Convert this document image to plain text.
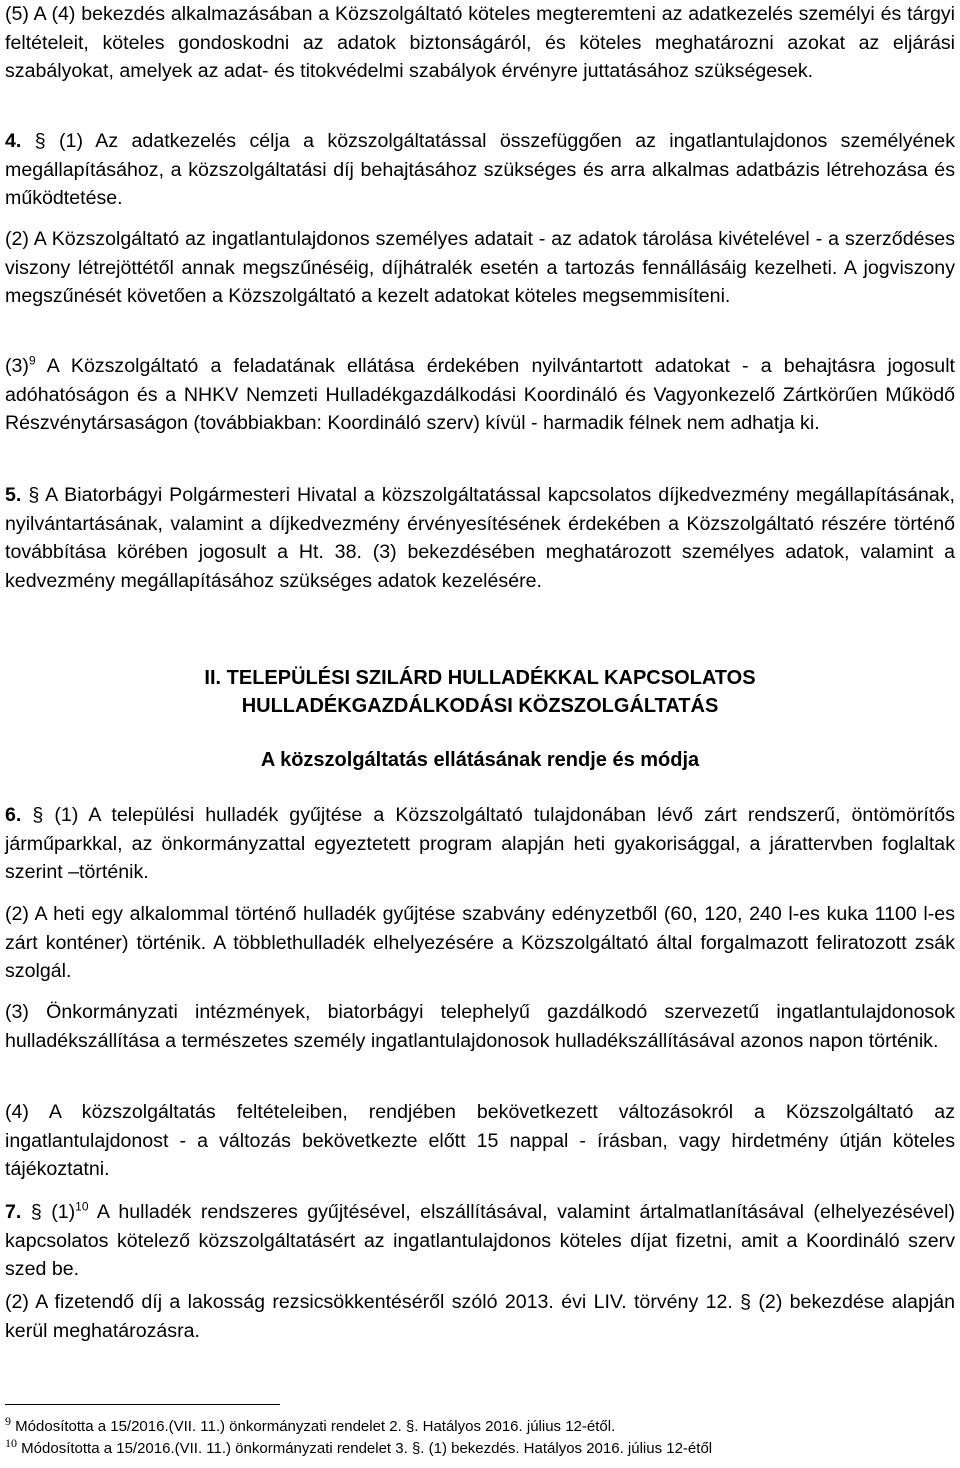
(5) A (4) bekezdés alkalmazásában a Közszolgáltató köteles megteremteni az adatkezelés személyi és tárgyi feltételeit, köteles gondoskodni az adatok biztonságáról, és köteles meghatározni azokat az eljárási szabályokat, amelyek az adat- és titokvédelmi szabályok érvényre juttatásához szükségesek.

4. § (1) Az adatkezelés célja a közszolgáltatással összefüggően az ingatlantulajdonos személyének megállapításához, a közszolgáltatási díj behajtásához szükséges és arra alkalmas adatbázis létrehozása és működtetése.

(2) A Közszolgáltató az ingatlantulajdonos személyes adatait - az adatok tárolása kivételével - a szerződéses viszony létrejöttétől annak megszűnéséig, díjhátralék esetén a tartozás fennállásáig kezelheti. A jogviszony megszűnését követően a Közszolgáltató a kezelt adatokat köteles megsemmisíteni.

$(3)^9$ A Közszolgáltató a feladatának ellátása érdekében nyilvántartott adatokat - a behajtásra jogosult adóhatóságon és a NHKV Nemzeti Hulladékgazdálkodási Koordináló és Vagyonkezelő Zártkörűen Működő Részvénytársaságon (továbbiakban: Koordináló szerv) kívül - harmadik félnek nem adhatja ki.

5. § A Biatorbágyi Polgármesteri Hivatal a közszolgáltatással kapcsolatos díjkedvezmény megállapításának, nyilvántartásának, valamint a díjkedvezmény érvényesítésének érdekében a Közszolgáltató részére történő továbbítása körében jogosult a Ht. 38. (3) bekezdésében meghatározott személyes adatok, valamint a kedvezmény megállapításához szükséges adatok kezelésére.

II. TELEPÜLÉSI SZILÁRD HULLADÉKKAL KAPCSOLATOS

HULLADÉKGAZDÁLKODÁSI KÖZSZOLGÁLTATÁS

A közszolgáltatás ellátásának rendje és módja

6. § (1) A települési hulladék gyűjtése a Közszolgáltató tulajdonában lévő zárt rendszerű, öntömörítős járműparkkal, az önkormányzattal egyeztetett program alapján heti gyakorisággal, a járattervben foglaltak szerint –történik.

(2) A heti egy alkalommal történő hulladék gyűjtése szabvány edényzetből (60, 120, 240 l-es kuka 1100 l-es zárt konténer) történik. A többlethulladék elhelyezésére a Közszolgáltató által forgalmazott feliratozott zsák szolgál.

(3) Önkormányzati intézmények, biatorbágyi telephelyű gazdálkodó szervezetű ingatlantulajdonosok hulladékszállítása a természetes személy ingatlantulajdonosok hulladékszállításával azonos napon történik.

(4) A közszolgáltatás feltételeiben, rendjében bekövetkezett változásokról a Közszolgáltató az ingatlantulajdonost - a változás bekövetkezte előtt 15 nappal - írásban, vagy hirdetmény útján köteles tájékoztatni.

7. § $(1)^{10}$ A hulladék rendszeres gyűjtésével, elszállításával, valamint ártalmatlanításával (elhelyezésével) kapcsolatos kötelező közszolgáltatásért az ingatlantulajdonos köteles díjat fizetni, amit a Koordináló szerv szed be.

(2) A fizetendő díj a lakosság rezsicsökkentéséről szóló 2013. évi LIV. törvény 12. § (2) bekezdése alapján kerül meghatározásra.

$^9$ Módosította a 15/2016.(VII. 11.) önkormányzati rendelet 2. §. Hatályos 2016. július 12-étől.
$^{10}$ Módosította a 15/2016.(VII. 11.) önkormányzati rendelet 3. §. (1) bekezdés. Hatályos 2016. július 12-étől
